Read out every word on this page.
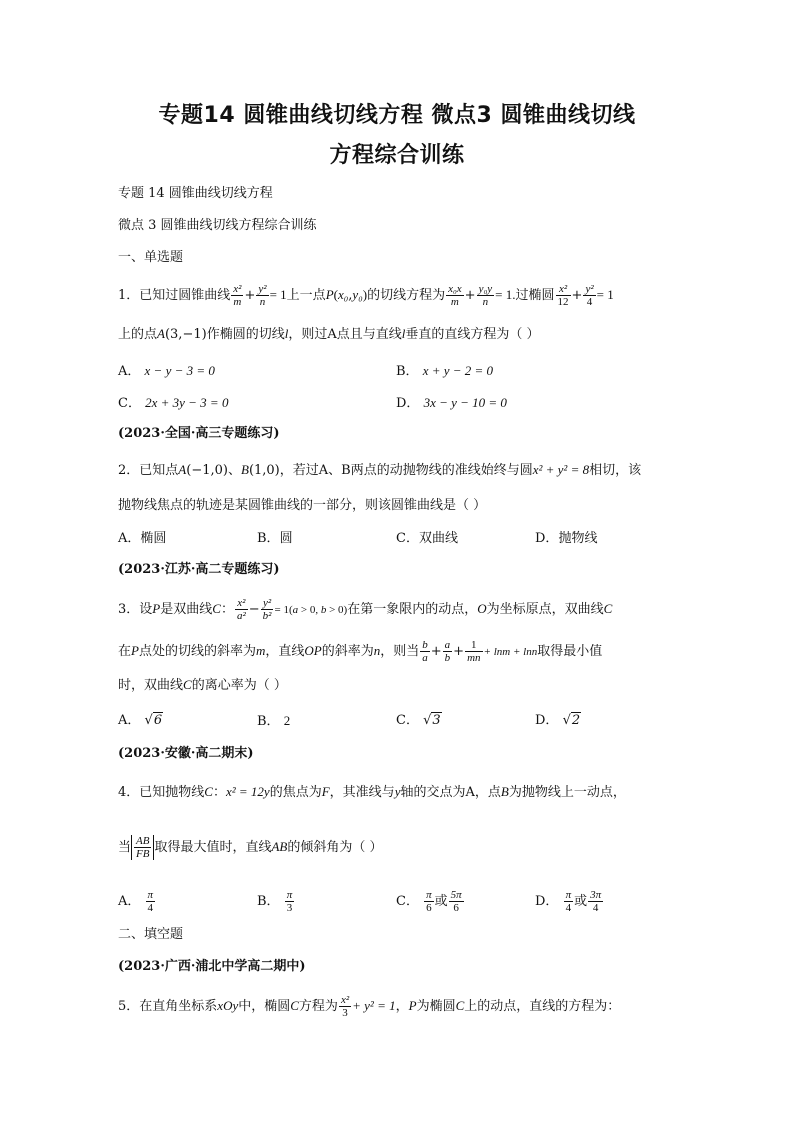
专题14 圆锥曲线切线方程 微点3 圆锥曲线切线
方程综合训练
专题 14 圆锥曲线切线方程
微点 3 圆锥曲线切线方程综合训练
一、单选题
1．已知过圆锥曲线 $\frac{\text{x²}}{m} + \frac{\text{y²}}{n} = 1$上一点P(x₀,y₀)的切线方程为 $\frac{\text{x₀x}}{m} + \frac{\text{y₀y}}{n} = 1$.过椭圆 $\frac{\text{x²}}{12} + \frac{\text{y²}}{4} = 1$
上的点A(3,−1)作椭圆的切线l，则过A点且与直线l垂直的直线方程为（ ）
A． x − y − 3 = 0	B． x + y − 2 = 0
C． 2x + 3y − 3 = 0	D． 3x − y − 10 = 0
(2023·全国·高三专题练习)
2．已知点A(−1,0)、B(1,0)，若过A、B两点的动抛物线的准线始终与圆x² + y² = 8相切，该
抛物线焦点的轨迹是某圆锥曲线的一部分，则该圆锥曲线是（ ）
A．椭圆	B．圆	C．双曲线	D．抛物线
(2023·江苏·高二专题练习)
3．设P是双曲线C： $\frac{\text{x²}}{\text{a²}} - \frac{\text{y²}}{\text{b²}} = 1(a > 0$, b > 0)在第一象限内的动点，O为坐标原点，双曲线C
在P点处的切线的斜率为m，直线OP的斜率为n，则当 $\frac{b}{a} + \frac{a}{b} + \frac{1}{mn} + \ln m + \ln n$取得最小值
时，双曲线C的离心率为（ ）
A． √6	B． 2	C． √3	D． √2
(2023·安徽·高二期末)
4．已知抛物线C：x² = 12y的焦点为F，其准线与y轴的交点为A，点B为抛物线上一动点，
当 $\frac{AB}{FB}$ 取得最大值时，直线AB的倾斜角为（ ）
A． $\frac{\pi}{4}$	B． $\frac{\pi}{3}$	C． $\frac{\pi}{6}$ 或 $\frac{5\pi}{6}$	D． $\frac{\pi}{4}$ 或 $\frac{3\pi}{4}$
二、填空题
(2023·广西·浦北中学高二期中)
5．在直角坐标系xOy中，椭圆C方程为 $\frac{\text{x²}}{3} + y^2 = 1$，P为椭圆C上的动点，直线的方程为：
